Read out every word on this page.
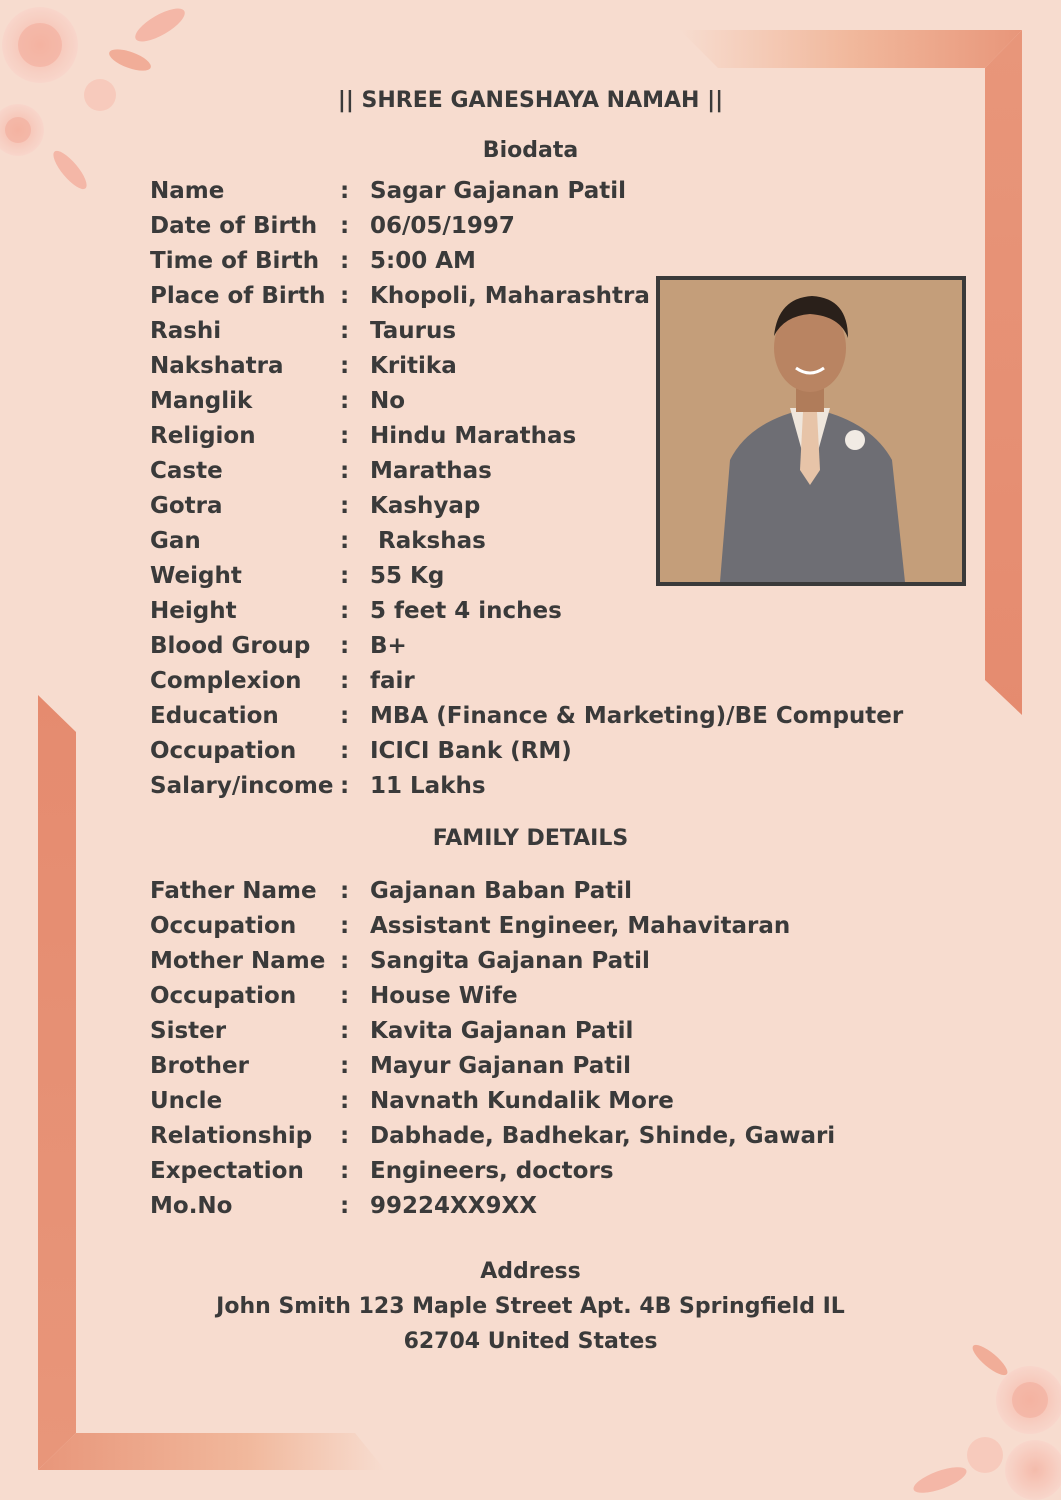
|| SHREE GANESHAYA NAMAH ||
Biodata
Name	: Sagar Gajanan Patil
Date of Birth : 06/05/1997
Time of Birth : 5:00 AM
Place of Birth : Khopoli, Maharashtra
Rashi	: Taurus
Nakshatra : Kritika
Manglik	: No
Religion	: Hindu Marathas
Caste	: Marathas
Gotra	: Kashyap
Gan	: Rakshas
Weight	: 55 Kg
Height	: 5 feet 4 inches
Blood Group : B+
Complexion : fair
Education	: MBA (Finance & Marketing)/BE Computer
Occupation : ICICI Bank (RM)
Salary/income : 11 Lakhs
FAMILY DETAILS
Father Name : Gajanan Baban Patil
Occupation : Assistant Engineer, Mahavitaran
Mother Name : Sangita Gajanan Patil
Occupation : House Wife
Sister	: Kavita Gajanan Patil
Brother	: Mayur Gajanan Patil
Uncle	: Navnath Kundalik More
Relationship : Dabhade, Badhekar, Shinde, Gawari
Expectation : Engineers, doctors
Mo.No	: 99224XX9XX
Address
John Smith 123 Maple Street Apt. 4B Springfield IL
62704 United States
